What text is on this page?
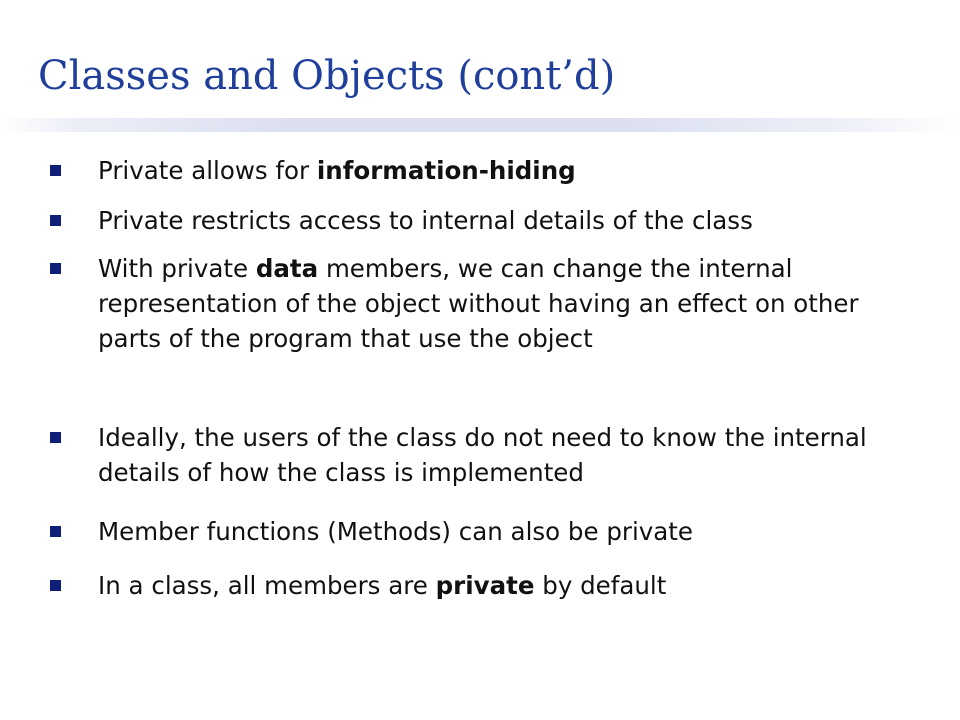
Classes and Objects (cont’d)
Private allows for information-hiding
Private restricts access to internal details of the class
With private data members, we can change the internal representation of the object without having an effect on other parts of the program that use the object
Ideally, the users of the class do not need to know the internal details of how the class is implemented
Member functions (Methods) can also be private
In a class, all members are private by default
